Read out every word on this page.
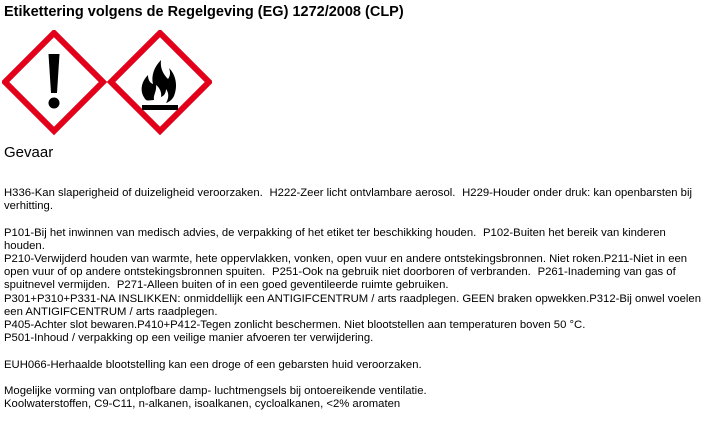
Etikettering volgens de Regelgeving (EG) 1272/2008 (CLP)
Gevaar

H336-Kan slaperigheid of duizeligheid veroorzaken. H222-Zeer licht ontvlambare aerosol. H229-Houder onder druk: kan openbarsten bij verhitting.

P101-Bij het inwinnen van medisch advies, de verpakking of het etiket ter beschikking houden. P102-Buiten het bereik van kinderen houden.

P210-Verwijderd houden van warmte, hete oppervlakken, vonken, open vuur en andere ontstekingsbronnen. Niet roken.P211-Niet in een open vuur of op andere ontstekingsbronnen spuiten. P251-Ook na gebruik niet doorboren of verbranden. P261-Inademing van gas of spuitnevel vermijden. P271-Alleen buiten of in een goed geventileerde ruimte gebruiken.

P301+P310+P331-NA INSLIKKEN: onmiddellijk een ANTIGIFCENTRUM / arts raadplegen. GEEN braken opwekken.P312-Bij onwel voelen een ANTIGIFCENTRUM / arts raadplegen.

P405-Achter slot bewaren.P410+P412-Tegen zonlicht beschermen. Niet blootstellen aan temperaturen boven 50 °C.

P501-Inhoud / verpakking op een veilige manier afvoeren ter verwijdering.

EUH066-Herhaalde blootstelling kan een droge of een gebarsten huid veroorzaken.

Mogelijke vorming van ontplofbare damp- luchtmengsels bij ontoereikende ventilatie.

Koolwaterstoffen, C9-C11, n-alkanen, isoalkanen, cycloalkanen, <2% aromaten
